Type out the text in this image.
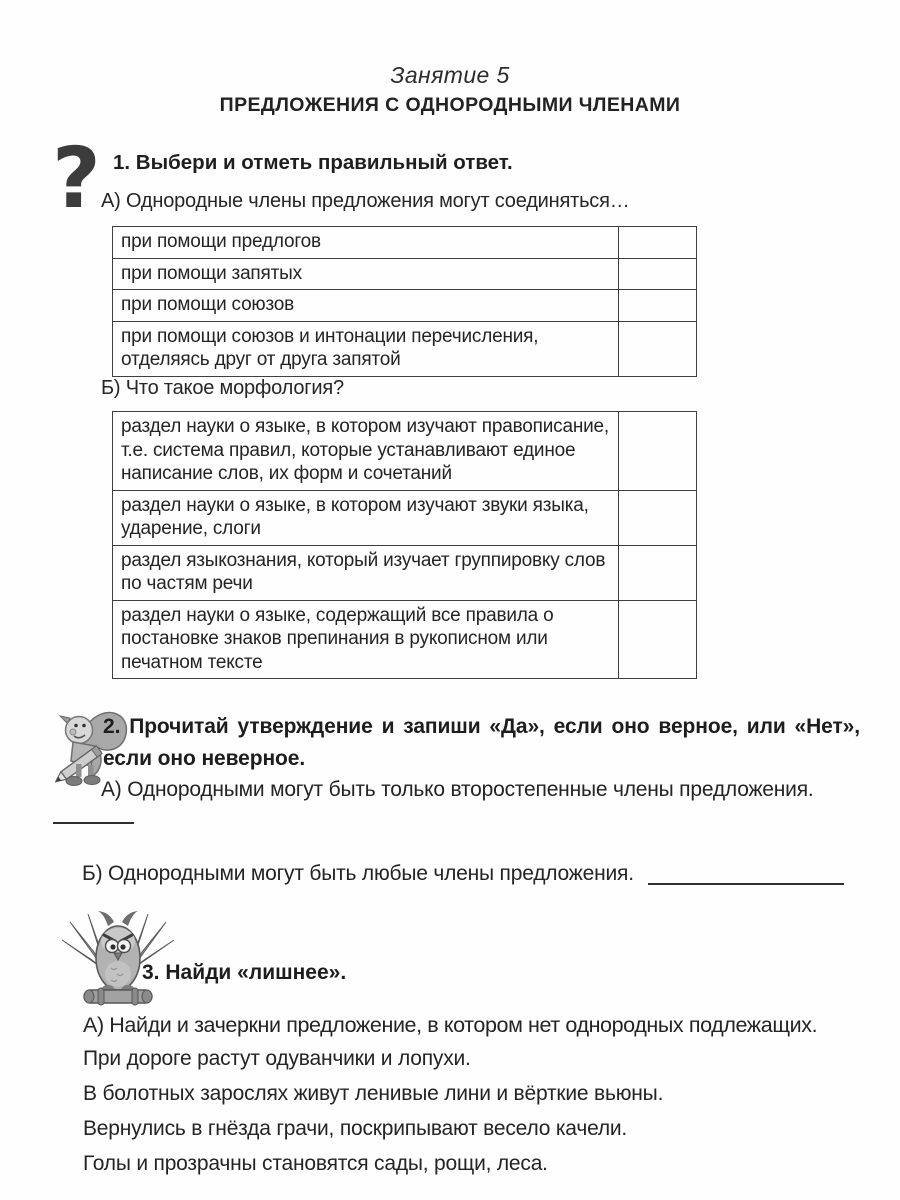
Занятие 5
ПРЕДЛОЖЕНИЯ С ОДНОРОДНЫМИ ЧЛЕНАМИ
? 1. Выбери и отметь правильный ответ.
А) Однородные члены предложения могут соединяться…
при помощи предлогов	
при помощи запятых	
при помощи союзов	
при помощи союзов и интонации перечисления, отделяясь друг от друга запятой	
Б) Что такое морфология?
раздел науки о языке, в котором изучают правописание, т.е. система правил, которые устанавливают единое написание слов, их форм и сочетаний	
раздел науки о языке, в котором изучают звуки языка, ударение, слоги	
раздел языкознания, который изучает группировку слов по частям речи	
раздел науки о языке, содержащий все правила о постановке знаков препинания в рукописном или печатном тексте	
2. Прочитай утверждение и запиши «Да», если оно верное, или «Нет», если оно неверное.
А) Однородными могут быть только второстепенные члены предложения.
Б) Однородными могут быть любые члены предложения.
3. Найди «лишнее».
А) Найди и зачеркни предложение, в котором нет однородных подлежащих.
При дороге растут одуванчики и лопухи.
В болотных зарослях живут ленивые лини и вёрткие вьюны.
Вернулись в гнёзда грачи, поскрипывают весело качели.
Голы и прозрачны становятся сады, рощи, леса.
